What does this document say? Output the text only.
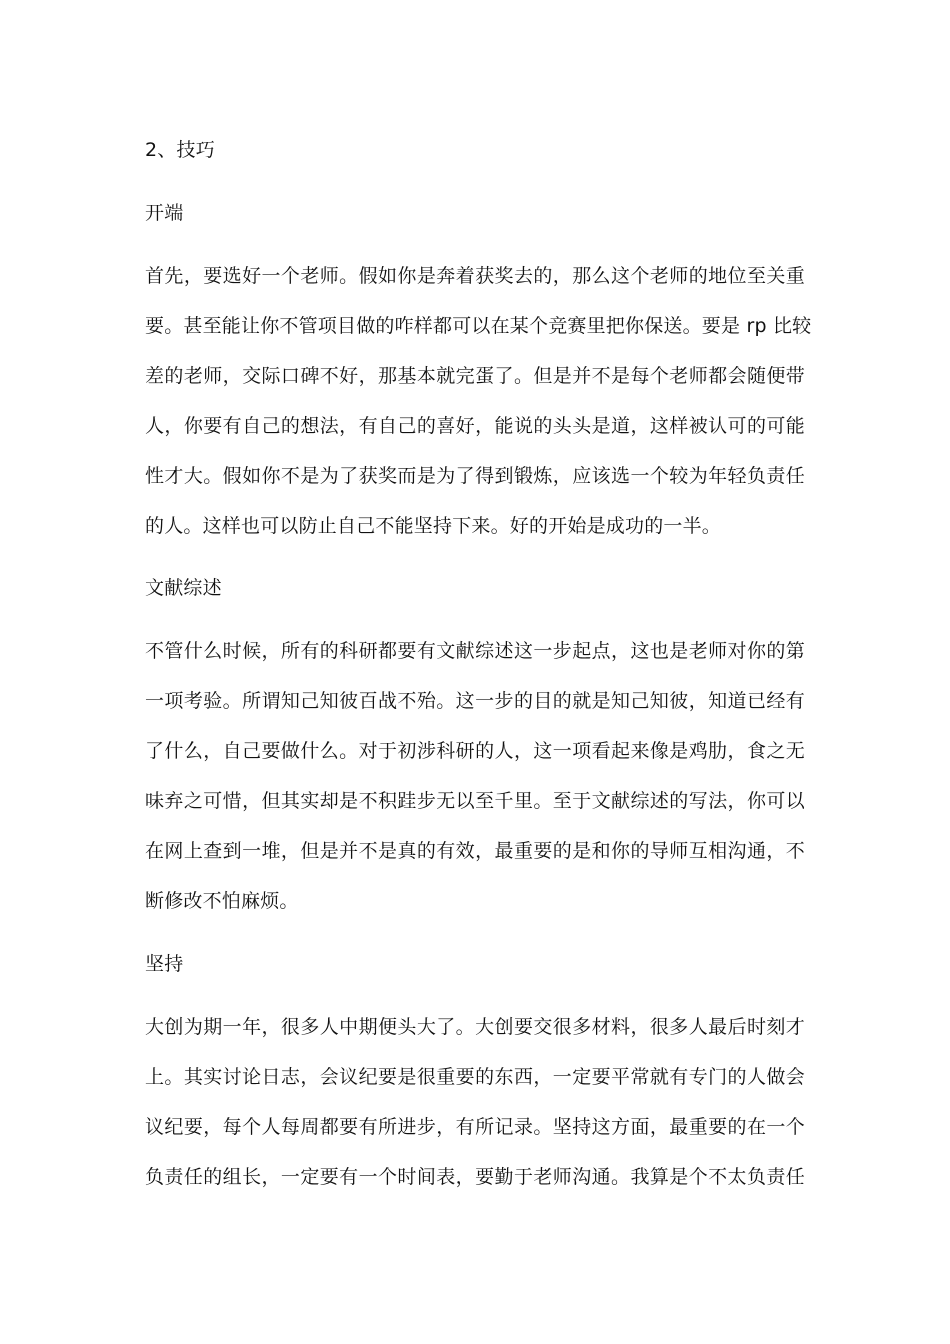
2、技巧
开端
首先，要选好一个老师。假如你是奔着获奖去的，那么这个老师的地位至关重
要。甚至能让你不管项目做的咋样都可以在某个竞赛里把你保送。要是 rp 比较
差的老师，交际口碑不好，那基本就完蛋了。但是并不是每个老师都会随便带
人，你要有自己的想法，有自己的喜好，能说的头头是道，这样被认可的可能
性才大。假如你不是为了获奖而是为了得到锻炼，应该选一个较为年轻负责任
的人。这样也可以防止自己不能坚持下来。好的开始是成功的一半。
文献综述
不管什么时候，所有的科研都要有文献综述这一步起点，这也是老师对你的第
一项考验。所谓知己知彼百战不殆。这一步的目的就是知己知彼，知道已经有
了什么，自己要做什么。对于初涉科研的人，这一项看起来像是鸡肋，食之无
味弃之可惜，但其实却是不积跬步无以至千里。至于文献综述的写法，你可以
在网上查到一堆，但是并不是真的有效，最重要的是和你的导师互相沟通，不
断修改不怕麻烦。
坚持
大创为期一年，很多人中期便头大了。大创要交很多材料，很多人最后时刻才
上。其实讨论日志，会议纪要是很重要的东西，一定要平常就有专门的人做会
议纪要，每个人每周都要有所进步，有所记录。坚持这方面，最重要的在一个
负责任的组长，一定要有一个时间表，要勤于老师沟通。我算是个不太负责任
